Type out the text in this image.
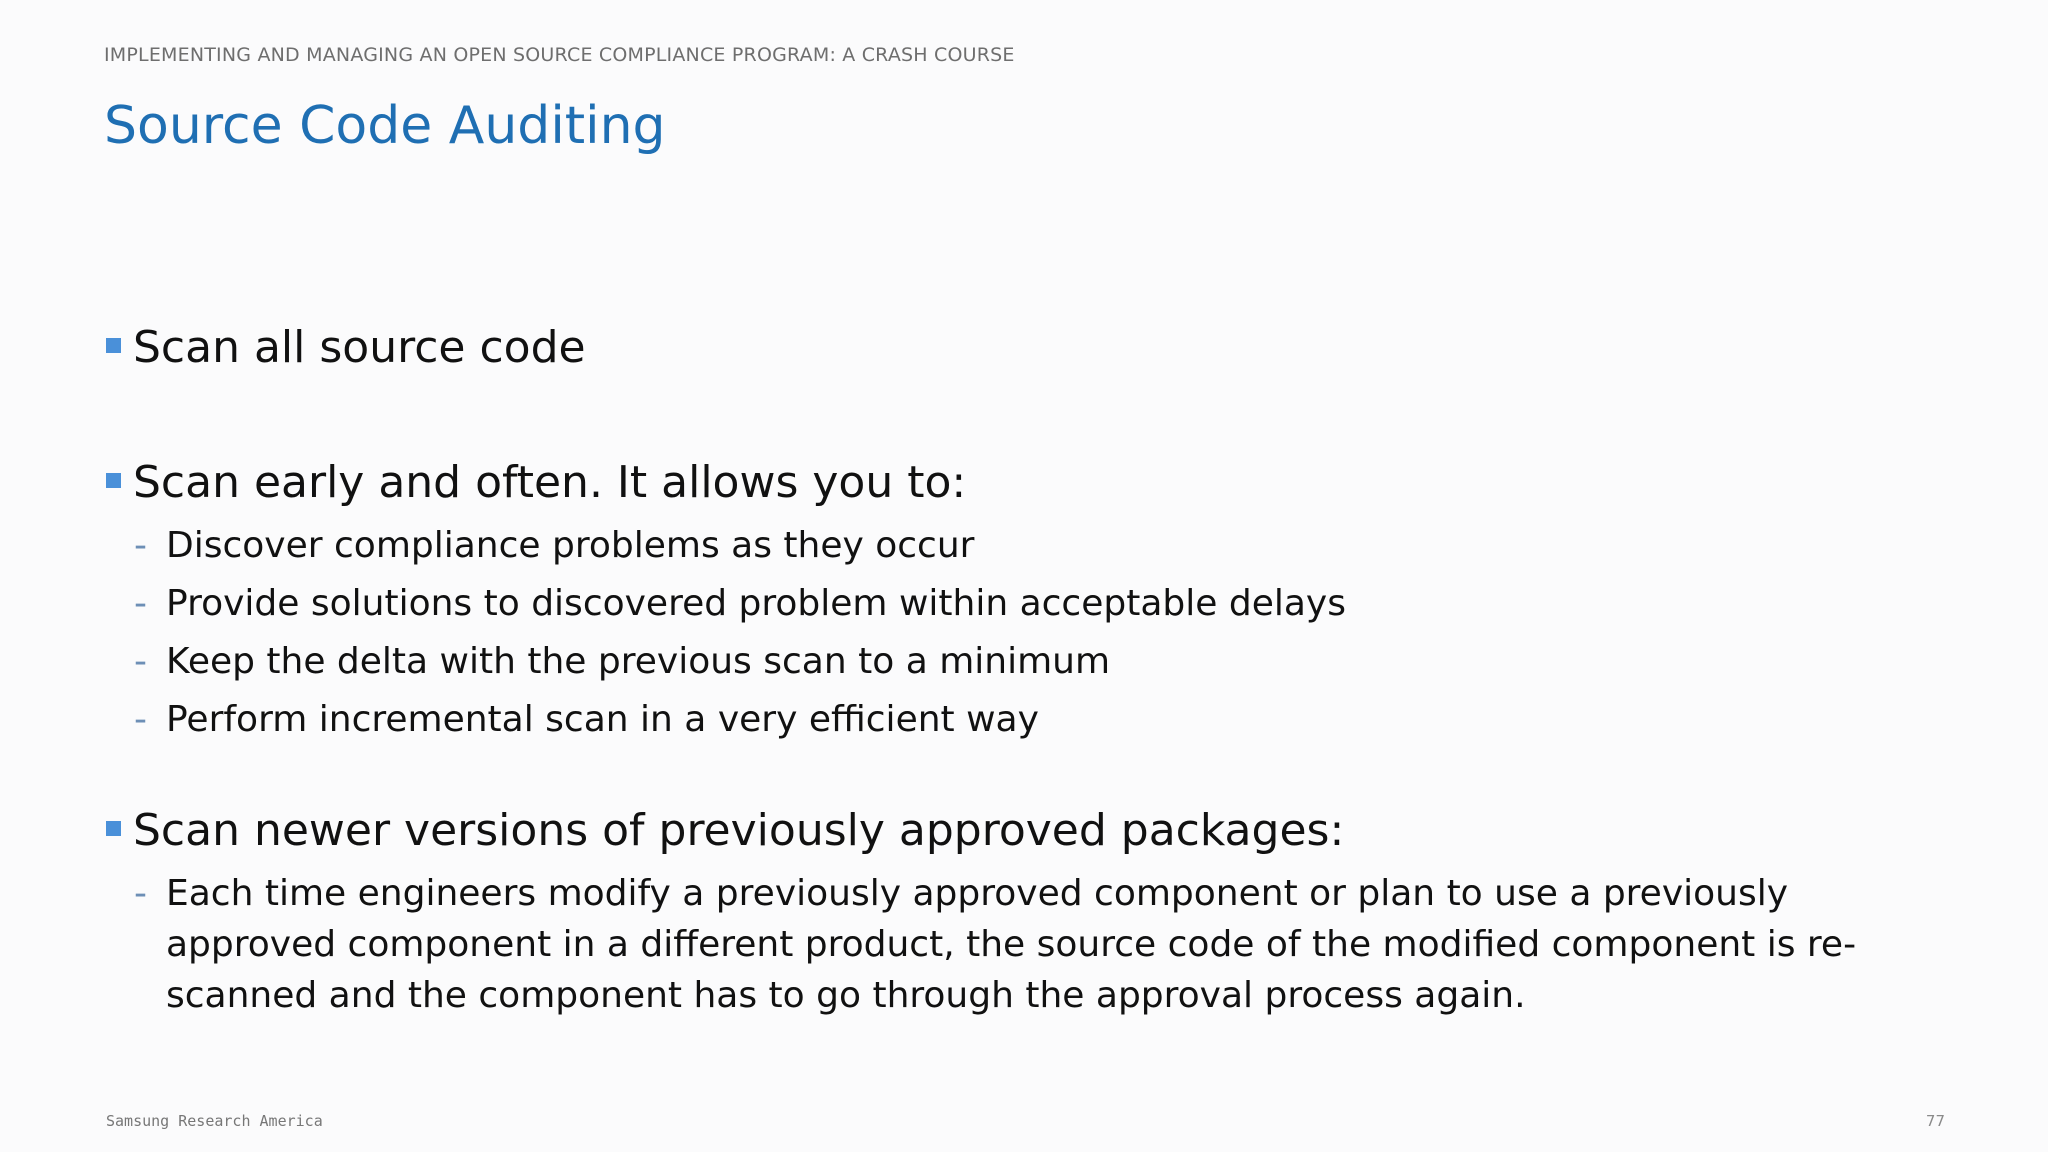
IMPLEMENTING AND MANAGING AN OPEN SOURCE COMPLIANCE PROGRAM: A CRASH COURSE
Source Code Auditing
Scan all source code
Scan early and often. It allows you to:
- Discover compliance problems as they occur
- Provide solutions to discovered problem within acceptable delays
- Keep the delta with the previous scan to a minimum
- Perform incremental scan in a very efficient way
Scan newer versions of previously approved packages:
- Each time engineers modify a previously approved component or plan to use a previously approved component in a different product, the source code of the modified component is re-scanned and the component has to go through the approval process again.
Samsung Research America	77
